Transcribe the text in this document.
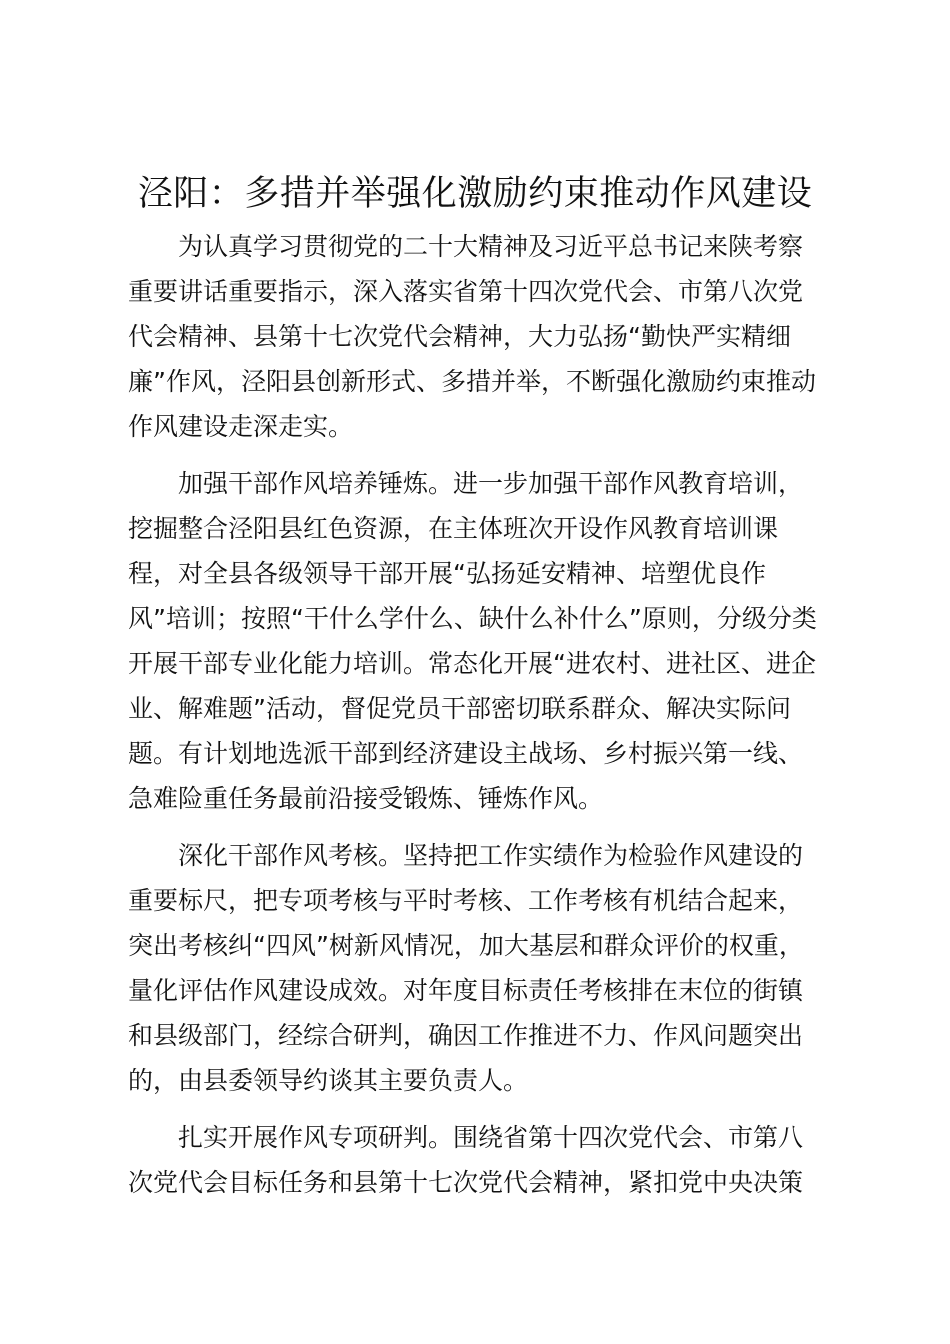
泾阳：多措并举强化激励约束推动作风建设
为认真学习贯彻党的二十大精神及习近平总书记来陕考察
重要讲话重要指示，深入落实省第十四次党代会、市第八次党
代会精神、县第十七次党代会精神，大力弘扬“勤快严实精细
廉”作风，泾阳县创新形式、多措并举，不断强化激励约束推动
作风建设走深走实。
加强干部作风培养锤炼。进一步加强干部作风教育培训，
挖掘整合泾阳县红色资源，在主体班次开设作风教育培训课
程，对全县各级领导干部开展“弘扬延安精神、培塑优良作
风”培训；按照“干什么学什么、缺什么补什么”原则，分级分类
开展干部专业化能力培训。常态化开展“进农村、进社区、进企
业、解难题”活动，督促党员干部密切联系群众、解决实际问
题。有计划地选派干部到经济建设主战场、乡村振兴第一线、
急难险重任务最前沿接受锻炼、锤炼作风。
深化干部作风考核。坚持把工作实绩作为检验作风建设的
重要标尺，把专项考核与平时考核、工作考核有机结合起来，
突出考核纠“四风”树新风情况，加大基层和群众评价的权重，
量化评估作风建设成效。对年度目标责任考核排在末位的街镇
和县级部门，经综合研判，确因工作推进不力、作风问题突出
的，由县委领导约谈其主要负责人。
扎实开展作风专项研判。围绕省第十四次党代会、市第八
次党代会目标任务和县第十七次党代会精神，紧扣党中央决策
